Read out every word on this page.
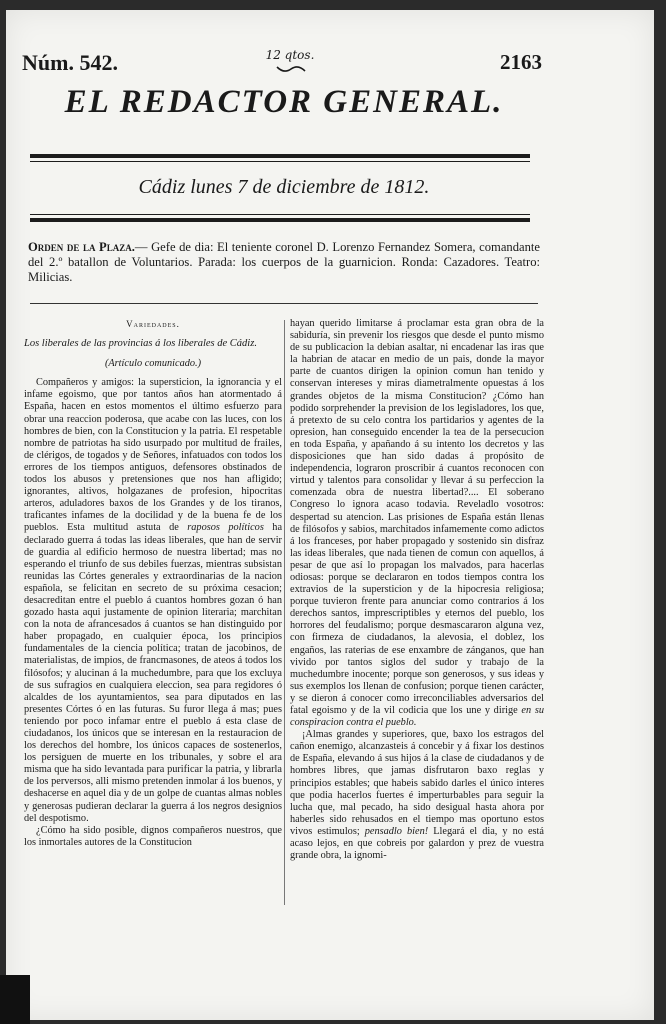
Núm. 542.	12 qtos.	2163
EL REDACTOR GENERAL.
Cádiz lunes 7 de diciembre de 1812.
Orden de la Plaza.— Gefe de dia: El teniente coronel D. Lorenzo Fernandez Somera, comandante del 2.º batallon de Voluntarios. Parada: los cuerpos de la guarnicion. Ronda: Cazadores. Teatro: Milicias.
Variedades.
Los liberales de las provincias á los liberales de Cádiz.
(Artículo comunicado.)

Compañeros y amigos: la supersticion, la ignorancia y el infame egoismo, que por tantos años han atormentado á España, hacen en estos momentos el último esfuerzo para obrar una reaccion poderosa, que acabe con las luces, con los hombres de bien, con la Constitucion y la patria. El respetable nombre de patriotas ha sido usurpado por multitud de frailes, de clérigos, de togados y de Señores, infatuados con todos los errores de los tiempos antiguos, defensores obstinados de todos los abusos y pretensiones que nos han afligido; ignorantes, altivos, holgazanes de profesion, hipocritas arteros, aduladores baxos de los Grandes y de los tiranos, traficantes infames de la docilidad y de la buena fe de los pueblos. Esta multitud astuta de raposos políticos ha declarado guerra á todas las ideas liberales, que han de servir de guardia al edificio hermoso de nuestra libertad; mas no esperando el triunfo de sus debiles fuerzas, mientras subsistan reunidas las Córtes generales y extraordinarias de la nacion española, se felicitan en secreto de su próxima cesacion; desacreditan entre el pueblo á cuantos hombres gozan ó han gozado hasta aqui justamente de opinion literaria; marchitan con la nota de afrancesados á cuantos se han distinguido por haber propagado, en cualquier época, los principios fundamentales de la ciencia política; tratan de jacobinos, de materialistas, de impios, de francmasones, de ateos á todos los filósofos; y alucinan á la muchedumbre, para que los excluya de sus sufragios en cualquiera eleccion, sea para regidores ó alcaldes de los ayuntamientos, sea para diputados en las presentes Córtes ó en las futuras. Su furor llega á mas; pues teniendo por poco infamar entre el pueblo á esta clase de ciudadanos, los únicos que se interesan en la restauracion de los derechos del hombre, los únicos capaces de sostenerlos, los persiguen de muerte en los tribunales, y sobre el ara misma que ha sido levantada para purificar la patria, y librarla de los perversos, alli mismo pretenden inmolar á los buenos, y deshacerse en aquel dia y de un golpe de cuantas almas nobles y generosas pudieran declarar la guerra á los negros designios del despotismo.

¿Cómo ha sido posible, dignos compañeros nuestros, que los inmortales autores de la Constitucion

hayan querido limitarse á proclamar esta gran obra de la sabiduría, sin prevenir los riesgos que desde el punto mismo de su publicacion la debian asaltar, ni encadenar las iras que la habrian de atacar en medio de un pais, donde la mayor parte de cuantos dirigen la opinion comun han tenido y conservan intereses y miras diametralmente opuestas á los grandes objetos de la misma Constitucion? ¿Cómo han podido sorprehender la prevision de los legisladores, los que, á pretexto de su celo contra los partidarios y agentes de la opresion, han conseguido encender la tea de la persecucion en toda España, y apañando á su intento los decretos y las disposiciones que han sido dadas á propósito de independencia, lograron proscribir á cuantos reconocen con virtud y talentos para consolidar y llevar á su perfeccion la comenzada obra de nuestra libertad?.... El soberano Congreso lo ignora acaso todavia. Reveladlo vosotros: despertad su atencion. Las prisiones de España están llenas de filósofos y sabios, marchitados infamemente como adictos á los franceses, por haber propagado y sostenido sin disfraz las ideas liberales, que nada tienen de comun con aquellos, á pesar de que así lo propagan los malvados, para hacerlas odiosas: porque se declararon en todos tiempos contra los extravios de la supersticion y de la hipocresia religiosa; porque tuvieron frente para anunciar como contrarios á los derechos santos, imprescriptibles y eternos del pueblo, los horrores del feudalismo; porque desmascararon alguna vez, con firmeza de ciudadanos, la alevosia, el doblez, los engaños, las raterias de ese enxambre de zánganos, que han vivido por tantos siglos del sudor y trabajo de la muchedumbre inocente; porque son generosos, y sus ideas y sus exemplos los llenan de confusion; porque tienen carácter, y se dieron á conocer como irreconciliables adversarios del fatal egoismo y de la vil codicia que los une y dirige en su conspiracion contra el pueblo.

¡Almas grandes y superiores, que, baxo los estragos del cañon enemigo, alcanzasteis á concebir y á fixar los destinos de España, elevando á sus hijos á la clase de ciudadanos y de hombres libres, que jamas disfrutaron baxo reglas y principios estables; que habeis sabido darles el único interes que podia hacerlos fuertes é imperturbables para seguir la lucha que, mal pecado, ha sido desigual hasta ahora por haberles sido rehusados en el tiempo mas oportuno estos vivos estimulos; pensadlo bien! Llegará el dia, y no está acaso lejos, en que cobreis por galardon y prez de vuestra grande obra, la ignomi-
